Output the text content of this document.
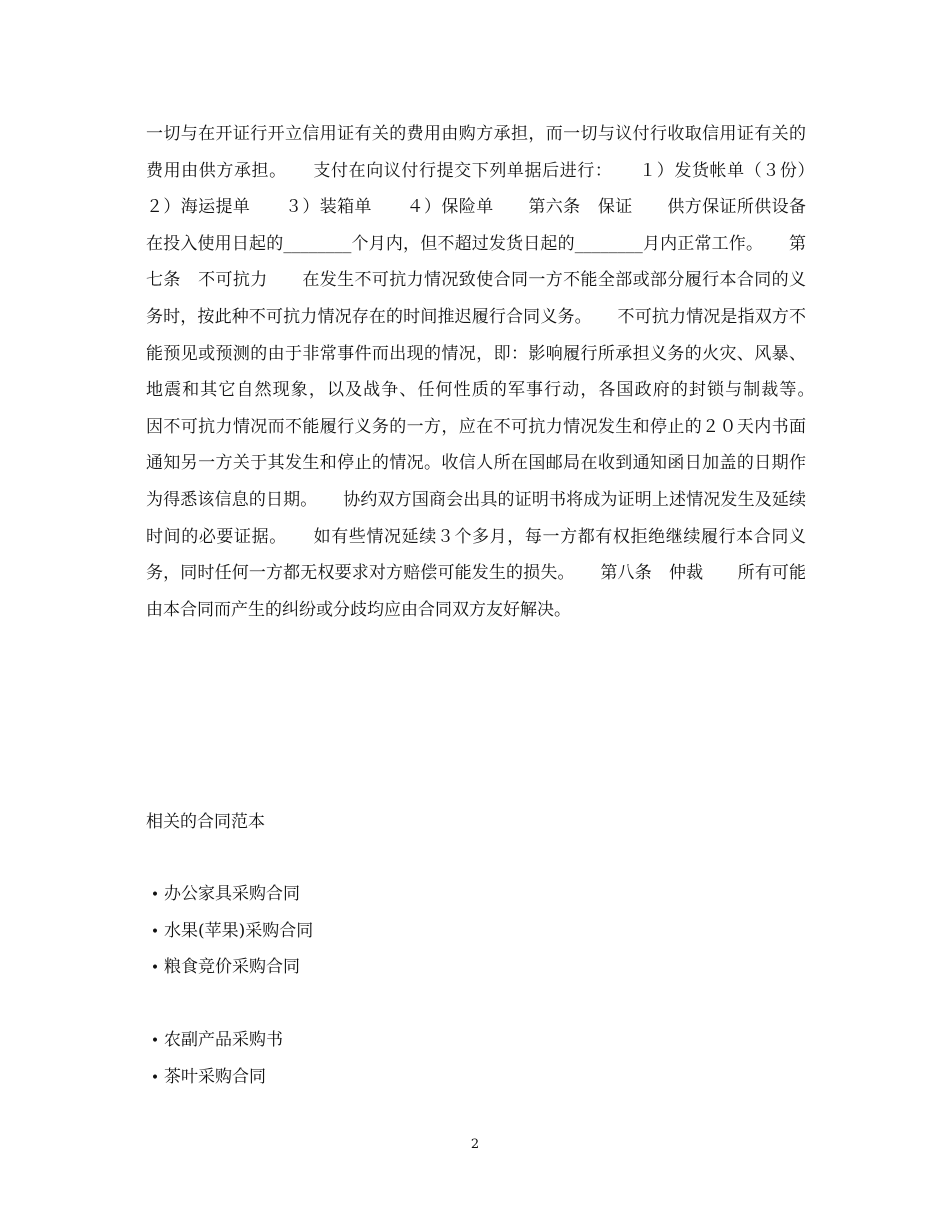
一切与在开证行开立信用证有关的费用由购方承担，而一切与议付行收取信用证有关的费用由供方承担。　　支付在向议付行提交下列单据后进行：　　１）发货帐单（３份）　　２）海运提单　　３）装箱单　　４）保险单　　第六条　保证　　供方保证所供设备在投入使用日起的________个月内，但不超过发货日起的________月内正常工作。　　第七条　不可抗力　　在发生不可抗力情况致使合同一方不能全部或部分履行本合同的义务时，按此种不可抗力情况存在的时间推迟履行合同义务。　　不可抗力情况是指双方不能预见或预测的由于非常事件而出现的情况，即：影响履行所承担义务的火灾、风暴、地震和其它自然现象，以及战争、任何性质的军事行动，各国政府的封锁与制裁等。　　因不可抗力情况而不能履行义务的一方，应在不可抗力情况发生和停止的２０天内书面通知另一方关于其发生和停止的情况。收信人所在国邮局在收到通知函日加盖的日期作为得悉该信息的日期。　　协约双方国商会出具的证明书将成为证明上述情况发生及延续时间的必要证据。　　如有些情况延续３个多月，每一方都有权拒绝继续履行本合同义务，同时任何一方都无权要求对方赔偿可能发生的损失。　　第八条　仲裁　　所有可能由本合同而产生的纠纷或分歧均应由合同双方友好解决。

相关的合同范本

• 办公家具采购合同
• 水果(苹果)采购合同
• 粮食竞价采购合同
• 农副产品采购书
• 茶叶采购合同
2
